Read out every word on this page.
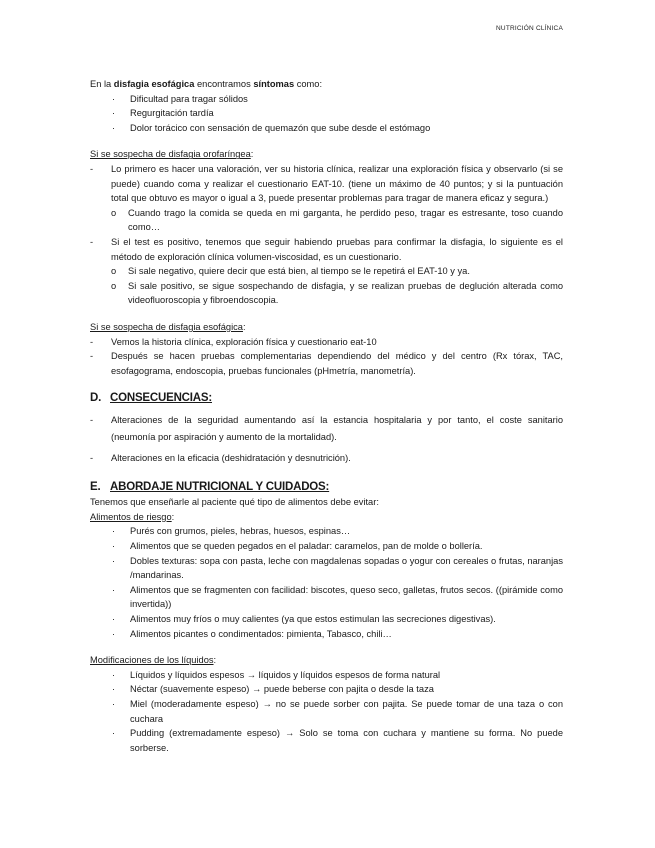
NUTRICIÓN CLÍNICA

En la disfagia esofágica encontramos síntomas como:

· Dificultad para tragar sólidos
· Regurgitación tardía
· Dolor torácico con sensación de quemazón que sube desde el estómago

Si se sospecha de disfagia orofaríngea:

- Lo primero es hacer una valoración, ver su historia clínica, realizar una exploración física y observarlo (si se puede) cuando coma y realizar el cuestionario EAT-10. (tiene un máximo de 40 puntos; y si la puntuación total que obtuvo es mayor o igual a 3, puede presentar problemas para tragar de manera eficaz y segura.)
o Cuando trago la comida se queda en mi garganta, he perdido peso, tragar es estresante, toso cuando como…
- Si el test es positivo, tenemos que seguir habiendo pruebas para confirmar la disfagia, lo siguiente es el método de exploración clínica volumen-viscosidad, es un cuestionario.
o Si sale negativo, quiere decir que está bien, al tiempo se le repetirá el EAT-10 y ya.
o Si sale positivo, se sigue sospechando de disfagia, y se realizan pruebas de deglución alterada como videofluoroscopia y fibroendoscopia.

Si se sospecha de disfagia esofágica:

- Vemos la historia clínica, exploración física y cuestionario eat-10
- Después se hacen pruebas complementarias dependiendo del médico y del centro (Rx tórax, TAC, esofagograma, endoscopia, pruebas funcionales (pHmetría, manometría).
D. CONSECUENCIAS:
- Alteraciones de la seguridad aumentando así la estancia hospitalaria y por tanto, el coste sanitario (neumonía por aspiración y aumento de la mortalidad).
- Alteraciones en la eficacia (deshidratación y desnutrición).
E. ABORDAJE NUTRICIONAL Y CUIDADOS:

Tenemos que enseñarle al paciente qué tipo de alimentos debe evitar:

Alimentos de riesgo:

· Purés con grumos, pieles, hebras, huesos, espinas…
· Alimentos que se queden pegados en el paladar: caramelos, pan de molde o bollería.
· Dobles texturas: sopa con pasta, leche con magdalenas sopadas o yogur con cereales o frutas, naranjas /mandarinas.
· Alimentos que se fragmenten con facilidad: biscotes, queso seco, galletas, frutos secos. ((pirámide como invertida))
· Alimentos muy fríos o muy calientes (ya que estos estimulan las secreciones digestivas).
· Alimentos picantes o condimentados: pimienta, Tabasco, chili…

Modificaciones de los líquidos:

· Líquidos y líquidos espesos → líquidos y líquidos espesos de forma natural
· Néctar (suavemente espeso) → puede beberse con pajita o desde la taza
· Miel (moderadamente espeso) → no se puede sorber con pajita. Se puede tomar de una taza o con cuchara
· Pudding (extremadamente espeso) → Solo se toma con cuchara y mantiene su forma. No puede sorberse.
